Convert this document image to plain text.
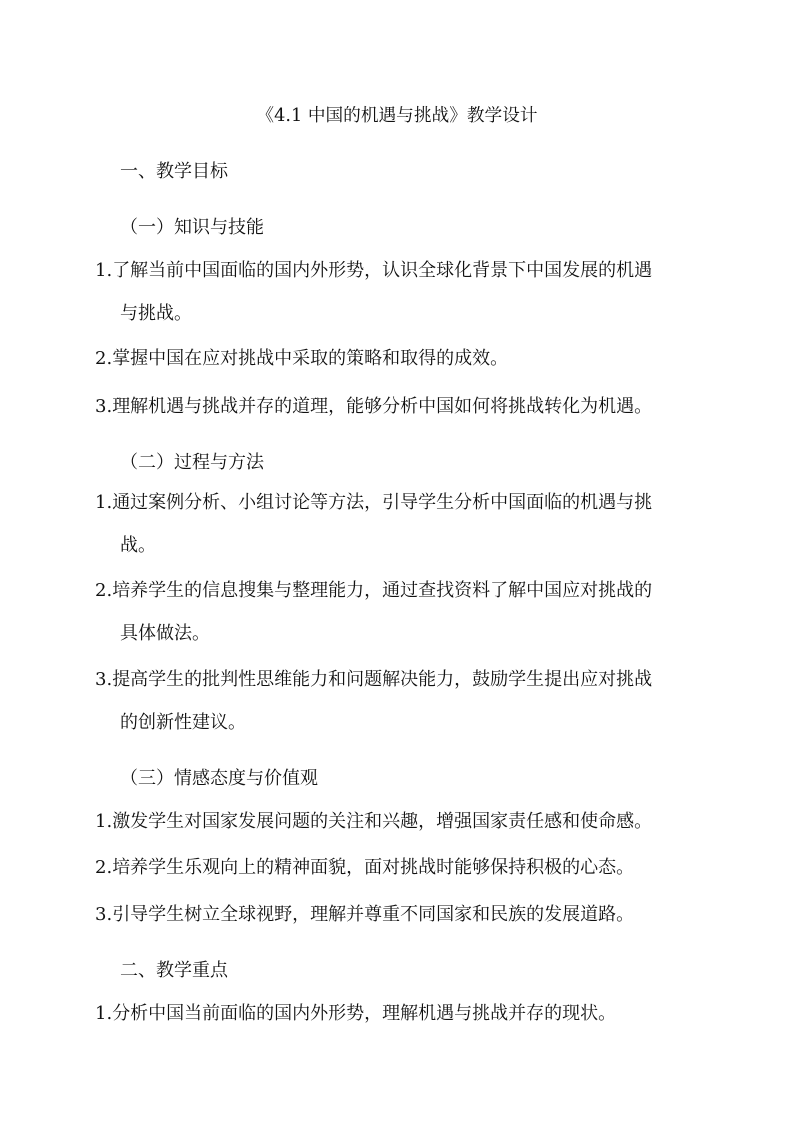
《4.1 中国的机遇与挑战》教学设计

一、教学目标

（一）知识与技能

1.了解当前中国面临的国内外形势，认识全球化背景下中国发展的机遇

与挑战。

2.掌握中国在应对挑战中采取的策略和取得的成效。

3.理解机遇与挑战并存的道理，能够分析中国如何将挑战转化为机遇。

（二）过程与方法

1.通过案例分析、小组讨论等方法，引导学生分析中国面临的机遇与挑

战。

2.培养学生的信息搜集与整理能力，通过查找资料了解中国应对挑战的

具体做法。

3.提高学生的批判性思维能力和问题解决能力，鼓励学生提出应对挑战

的创新性建议。

（三）情感态度与价值观

1.激发学生对国家发展问题的关注和兴趣，增强国家责任感和使命感。

2.培养学生乐观向上的精神面貌，面对挑战时能够保持积极的心态。

3.引导学生树立全球视野，理解并尊重不同国家和民族的发展道路。

二、教学重点

1.分析中国当前面临的国内外形势，理解机遇与挑战并存的现状。
